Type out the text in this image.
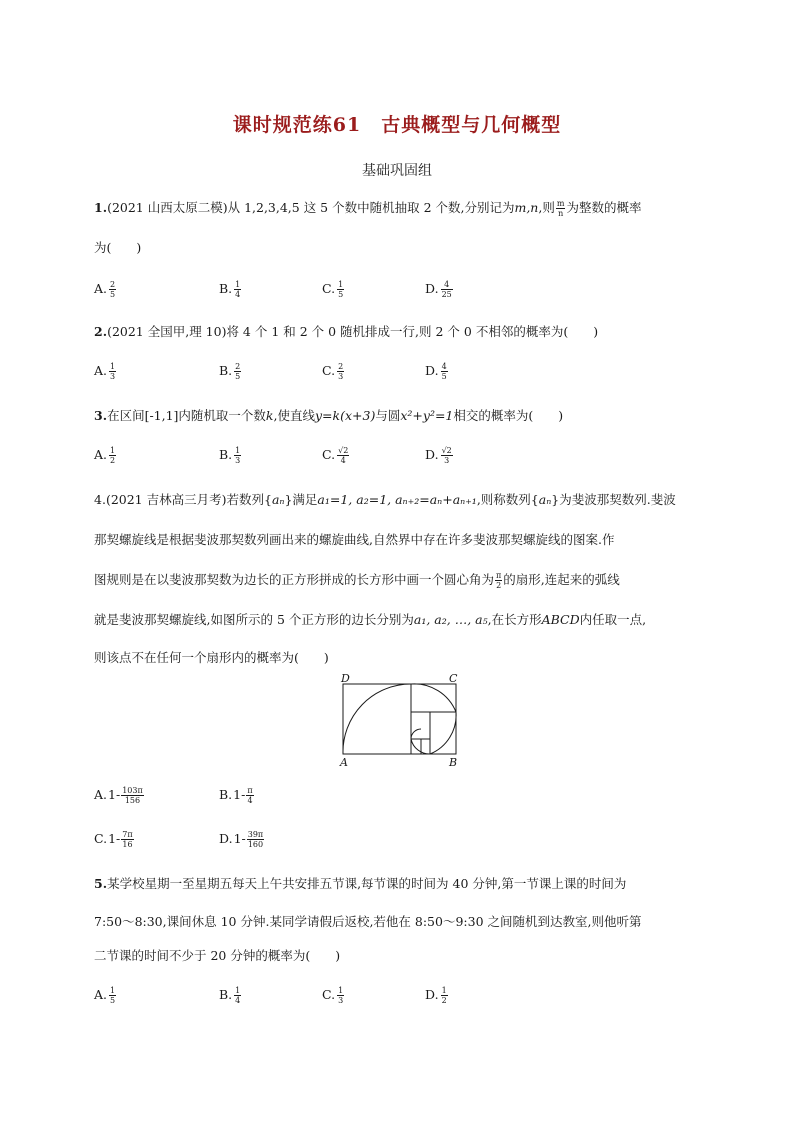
课时规范练61　古典概型与几何概型
基础巩固组
1.(2021 山西太原二模)从 1,2,3,4,5 这 5 个数中随机抽取 2 个数,分别记为m,n,则 $\frac{m}{n}$ 为整数的概率
为(　　)
A. $\frac{2}{5}$	B. $\frac{1}{4}$	C. $\frac{1}{5}$	D. $\frac{4}{25}$
2.(2021 全国甲,理 10)将 4 个 1 和 2 个 0 随机排成一行,则 2 个 0 不相邻的概率为(　　)
A. $\frac{1}{3}$	B. $\frac{2}{5}$	C. $\frac{2}{3}$	D. $\frac{4}{5}$
3.在区间[-1,1]内随机取一个数k,使直线y=k(x+3)与圆x²+y²=1相交的概率为(　　)
A. $\frac{1}{2}$	B. $\frac{1}{3}$	C. $\frac{√2}{4}$	D. $\frac{√2}{3}$
4.(2021 吉林高三月考)若数列{aₙ}满足a₁=1, a₂=1, aₙ₊₂=aₙ+aₙ₊₁,则称数列{aₙ}为斐波那契数列.斐波
那契螺旋线是根据斐波那契数列画出来的螺旋曲线,自然界中存在许多斐波那契螺旋线的图案.作
图规则是在以斐波那契数为边长的正方形拼成的长方形中画一个圆心角为 $\frac{\pi}{2}$ 的扇形,连起来的弧线
就是斐波那契螺旋线,如图所示的 5 个正方形的边长分别为a₁, a₂, …, a₅,在长方形ABCD内任取一点,
则该点不在任何一个扇形内的概率为(　　)
D	C
A	B
$A.1- \frac{103\pi}{156}$	$B.1- \frac{\pi}{4}$
$C.1- \frac{7\pi}{16}$	$D.1- \frac{39\pi}{160}$
5.某学校星期一至星期五每天上午共安排五节课,每节课的时间为 40 分钟,第一节课上课的时间为
7:50～8:30,课间休息 10 分钟.某同学请假后返校,若他在 8:50～9:30 之间随机到达教室,则他听第
二节课的时间不少于 20 分钟的概率为(　　)
A. $\frac{1}{5}$	B. $\frac{1}{4}$	C. $\frac{1}{3}$	D. $\frac{1}{2}$
